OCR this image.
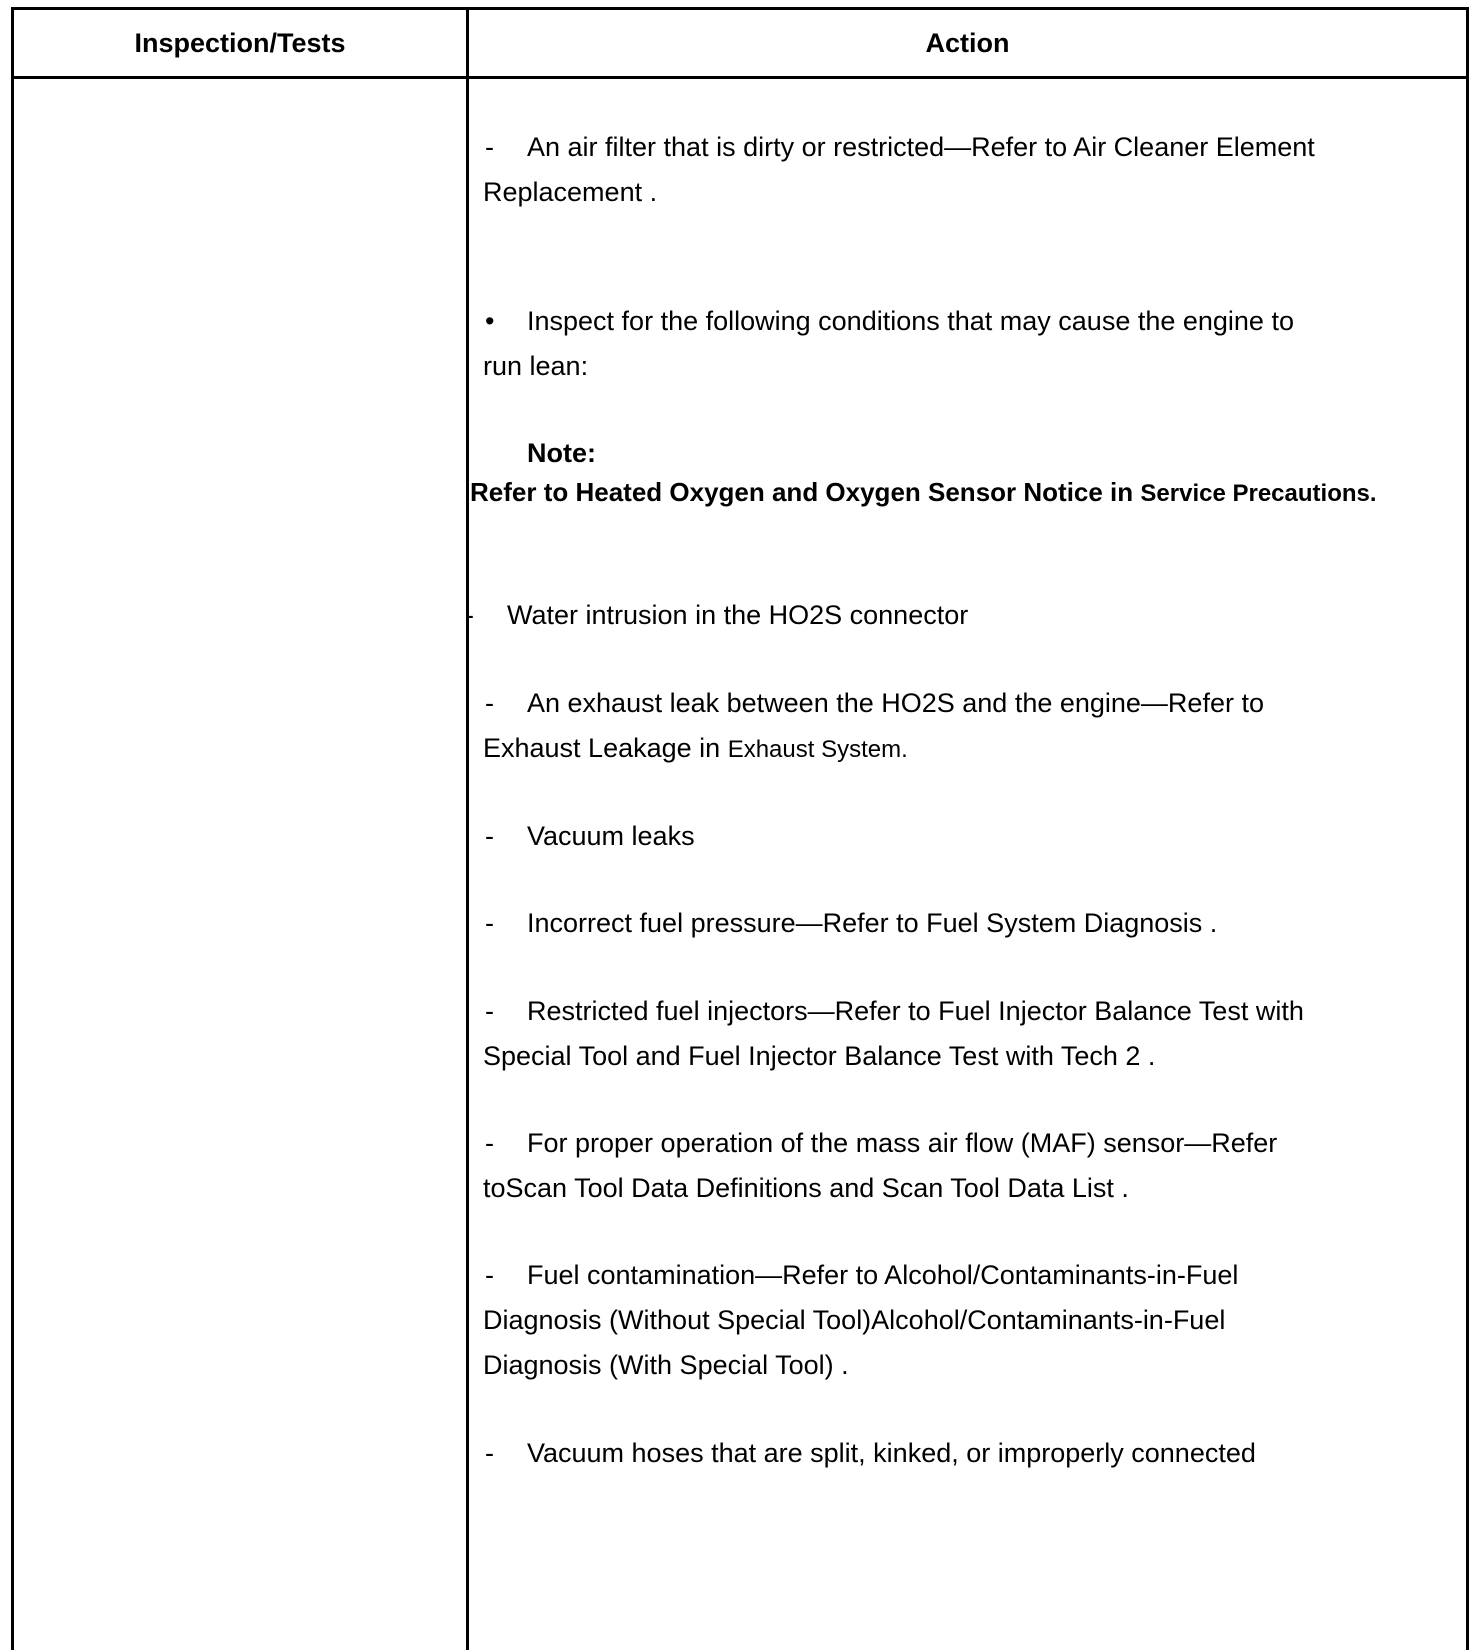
Inspection/Tests	Action
- An air filter that is dirty or restricted—Refer to Air Cleaner Element
Replacement .
• Inspect for the following conditions that may cause the engine to
run lean:
Note:
Refer to Heated Oxygen and Oxygen Sensor Notice in Service Precautions.
- Water intrusion in the HO2S connector
- An exhaust leak between the HO2S and the engine—Refer to
Exhaust Leakage in Exhaust System.
- Vacuum leaks
- Incorrect fuel pressure—Refer to Fuel System Diagnosis .
- Restricted fuel injectors—Refer to Fuel Injector Balance Test with
Special Tool and Fuel Injector Balance Test with Tech 2 .
- For proper operation of the mass air flow (MAF) sensor—Refer
toScan Tool Data Definitions and Scan Tool Data List .
- Fuel contamination—Refer to Alcohol/Contaminants-in-Fuel
Diagnosis (Without Special Tool)Alcohol/Contaminants-in-Fuel
Diagnosis (With Special Tool) .
- Vacuum hoses that are split, kinked, or improperly connected
